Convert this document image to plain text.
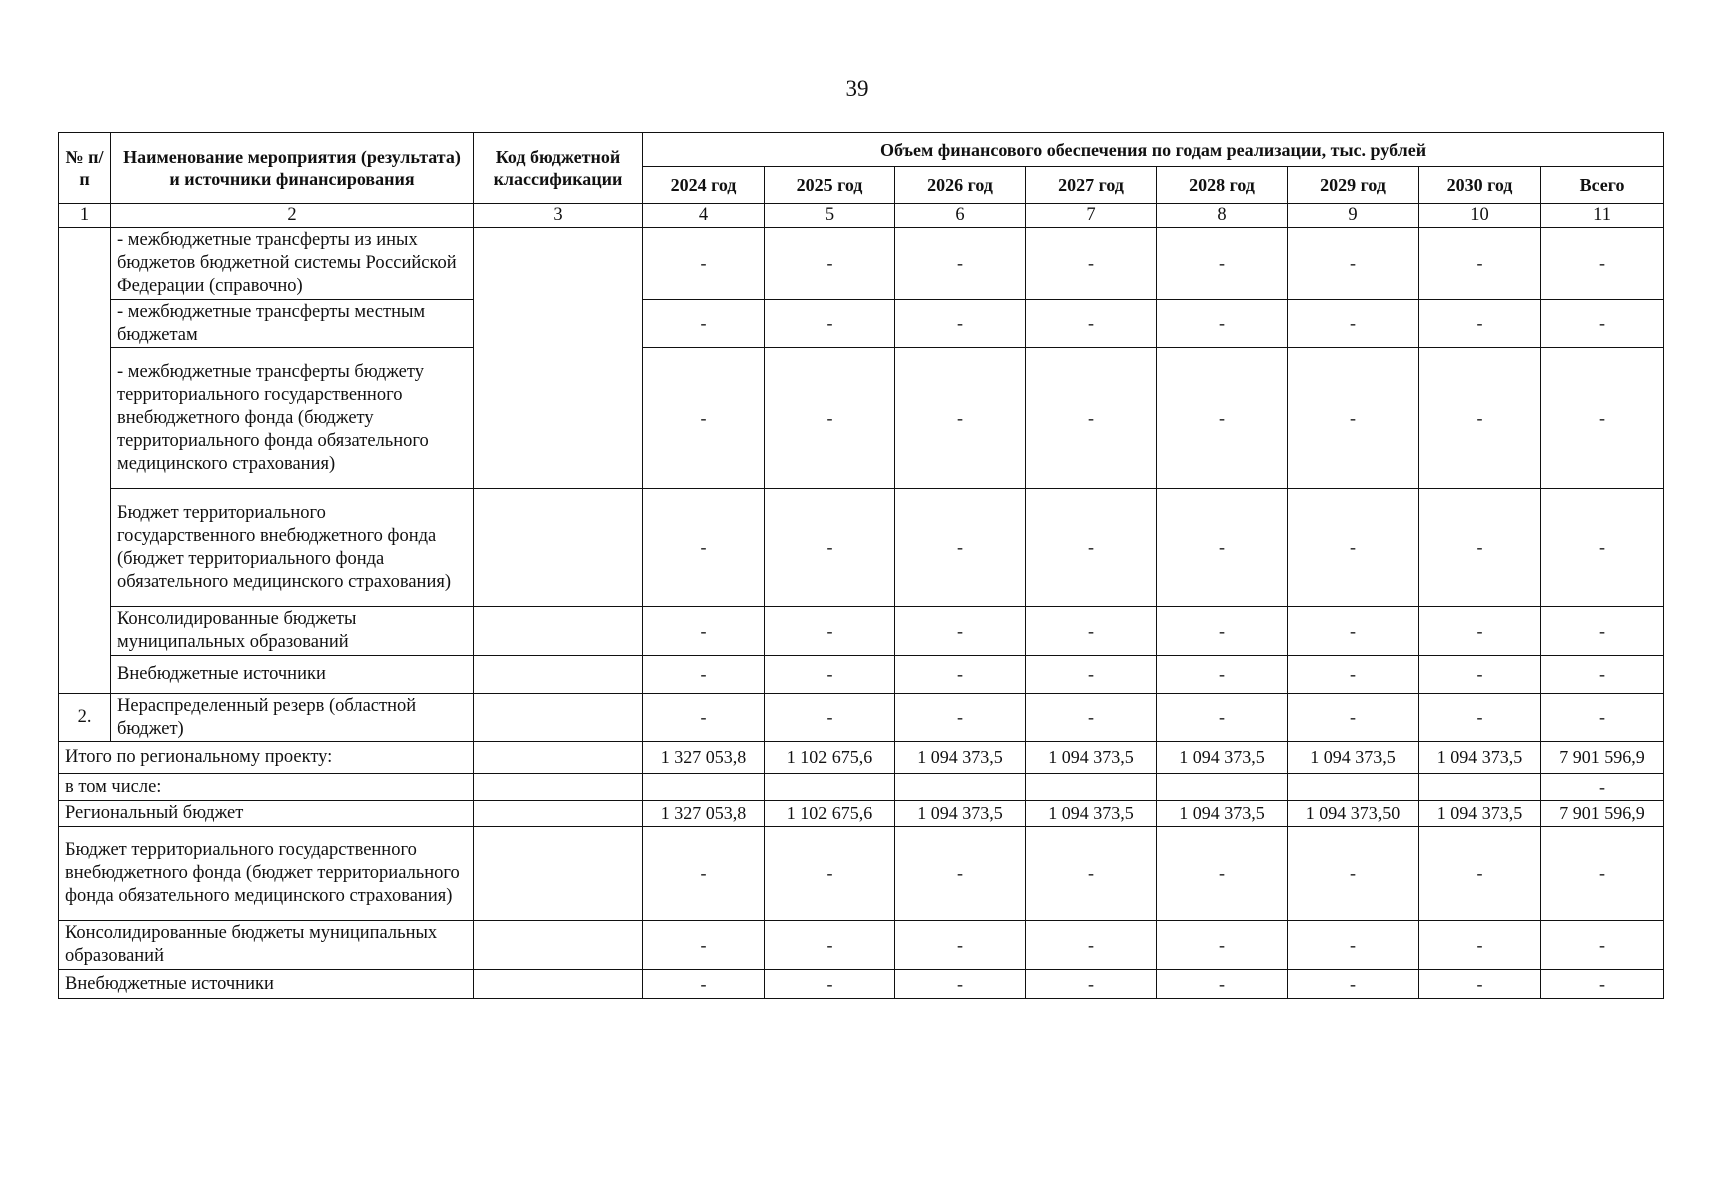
39
№ п/п	Наименование мероприятия (результата) и источники финансирования	Код бюджетной классификации	Объем финансового обеспечения по годам реализации, тыс. рублей							
			2024 год	2025 год	2026 год	2027 год	2028 год	2029 год	2030 год	Всего
1	2	3	4	5	6	7	8	9	10	11
	- межбюджетные трансферты из иных бюджетов бюджетной системы Российской Федерации (справочно)		-	-	-	-	-	-	-	-
	- межбюджетные трансферты местным бюджетам		-	-	-	-	-	-	-	-
	- межбюджетные трансферты бюджету территориального государственного внебюджетного фонда (бюджету территориального фонда обязательного медицинского страхования)		-	-	-	-	-	-	-	-
	Бюджет территориального государственного внебюджетного фонда (бюджет территориального фонда обязательного медицинского страхования)		-	-	-	-	-	-	-	-
	Консолидированные бюджеты муниципальных образований		-	-	-	-	-	-	-	-
	Внебюджетные источники		-	-	-	-	-	-	-	-
2.	Нераспределенный резерв (областной бюджет)		-	-	-	-	-	-	-	-
Итого по региональному проекту:			1 327 053,8	1 102 675,6	1 094 373,5	1 094 373,5	1 094 373,5	1 094 373,5	1 094 373,5	7 901 596,9
в том числе:										-
Региональный бюджет			1 327 053,8	1 102 675,6	1 094 373,5	1 094 373,5	1 094 373,5	1 094 373,50	1 094 373,5	7 901 596,9
Бюджет территориального государственного внебюджетного фонда (бюджет территориального фонда обязательного медицинского страхования)			-	-	-	-	-	-	-	-
Консолидированные бюджеты муниципальных образований			-	-	-	-	-	-	-	-
Внебюджетные источники			-	-	-	-	-	-	-	-
